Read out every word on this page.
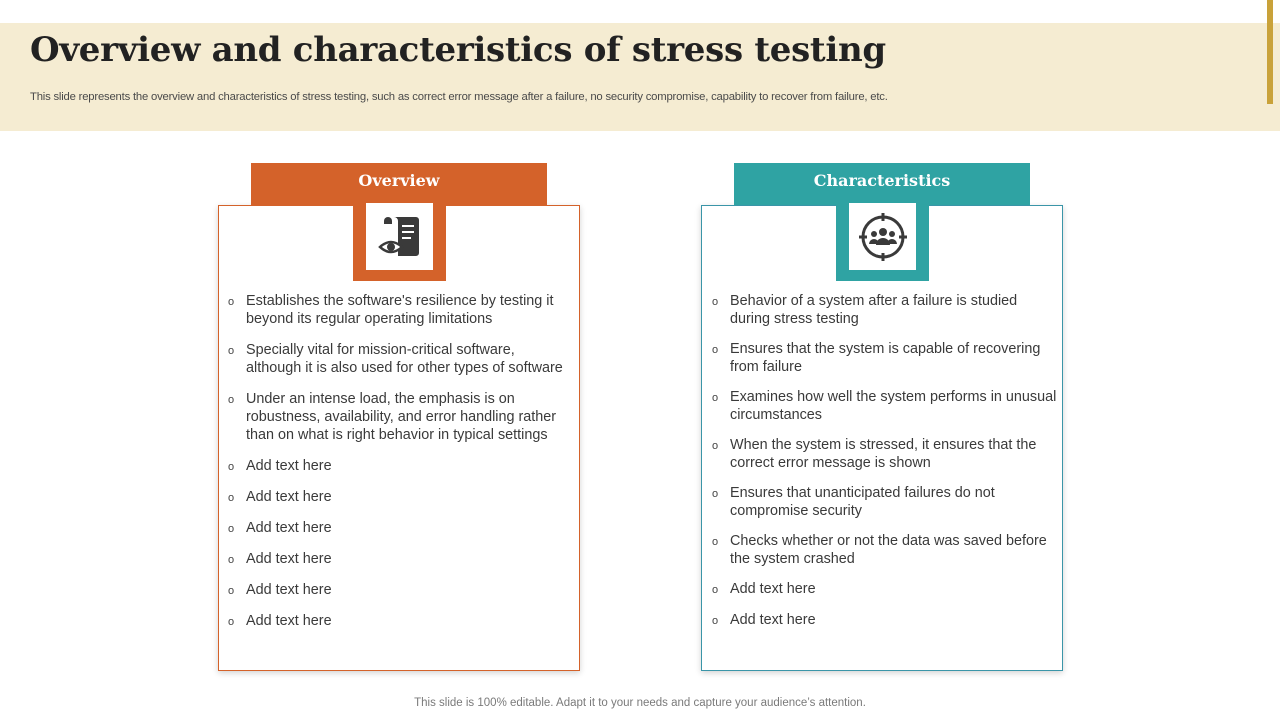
Overview and characteristics of stress testing

This slide represents the overview and characteristics of stress testing, such as correct error message after a failure, no security compromise, capability to recover from failure, etc.

Overview
o Establishes the software's resilience by testing it beyond its regular operating limitations
o Specially vital for mission-critical software, although it is also used for other types of software
o Under an intense load, the emphasis is on robustness, availability, and error handling rather than on what is right behavior in typical settings
o Add text here
o Add text here
o Add text here
o Add text here
o Add text here
o Add text here
Characteristics
o Behavior of a system after a failure is studied during stress testing
o Ensures that the system is capable of recovering from failure
o Examines how well the system performs in unusual circumstances
o When the system is stressed, it ensures that the correct error message is shown
o Ensures that unanticipated failures do not compromise security
o Checks whether or not the data was saved before the system crashed
o Add text here
o Add text here
This slide is 100% editable. Adapt it to your needs and capture your audience’s attention.
